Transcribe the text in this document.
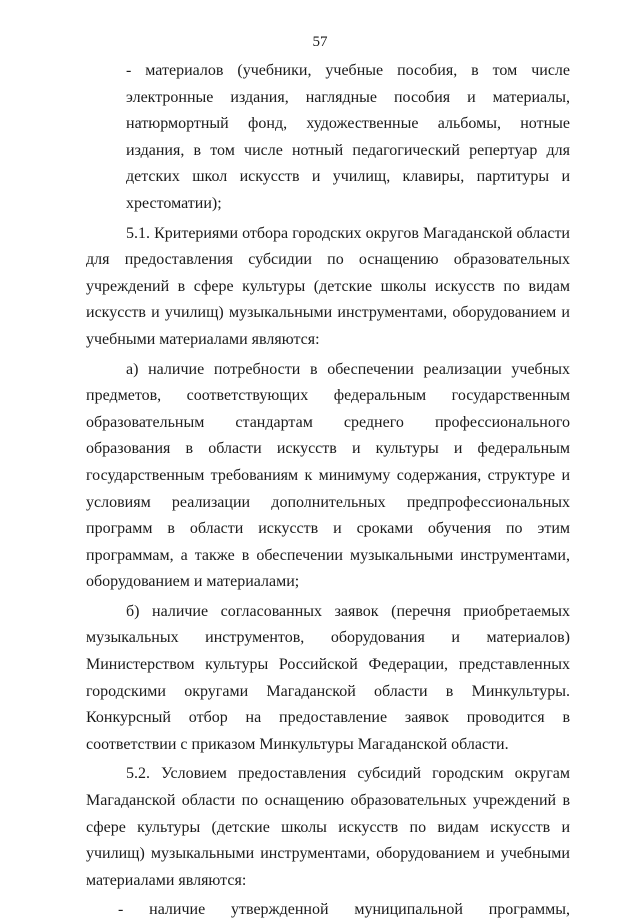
57

- материалов (учебники, учебные пособия, в том числе электронные издания, наглядные пособия и материалы, натюрмортный фонд, художественные альбомы, нотные издания, в том числе нотный педагогический репертуар для детских школ искусств и училищ, клавиры, партитуры и хрестоматии);

5.1. Критериями отбора городских округов Магаданской области для предоставления субсидии по оснащению образовательных учреждений в сфере культуры (детские школы искусств по видам искусств и училищ) музыкальными инструментами, оборудованием и учебными материалами являются:

а) наличие потребности в обеспечении реализации учебных предметов, соответствующих федеральным государственным образовательным стандартам среднего профессионального образования в области искусств и культуры и федеральным государственным требованиям к минимуму содержания, структуре и условиям реализации дополнительных предпрофессиональных программ в области искусств и сроками обучения по этим программам, а также в обеспечении музыкальными инструментами, оборудованием и материалами;

б) наличие согласованных заявок (перечня приобретаемых музыкальных инструментов, оборудования и материалов) Министерством культуры Российской Федерации, представленных городскими округами Магаданской области в Минкультуры. Конкурсный отбор на предоставление заявок проводится в соответствии с приказом Минкультуры Магаданской области.

5.2. Условием предоставления субсидий городским округам Магаданской области по оснащению образовательных учреждений в сфере культуры (детские школы искусств по видам искусств и училищ) музыкальными инструментами, оборудованием и учебными материалами являются:

- наличие утвержденной муниципальной программы,
